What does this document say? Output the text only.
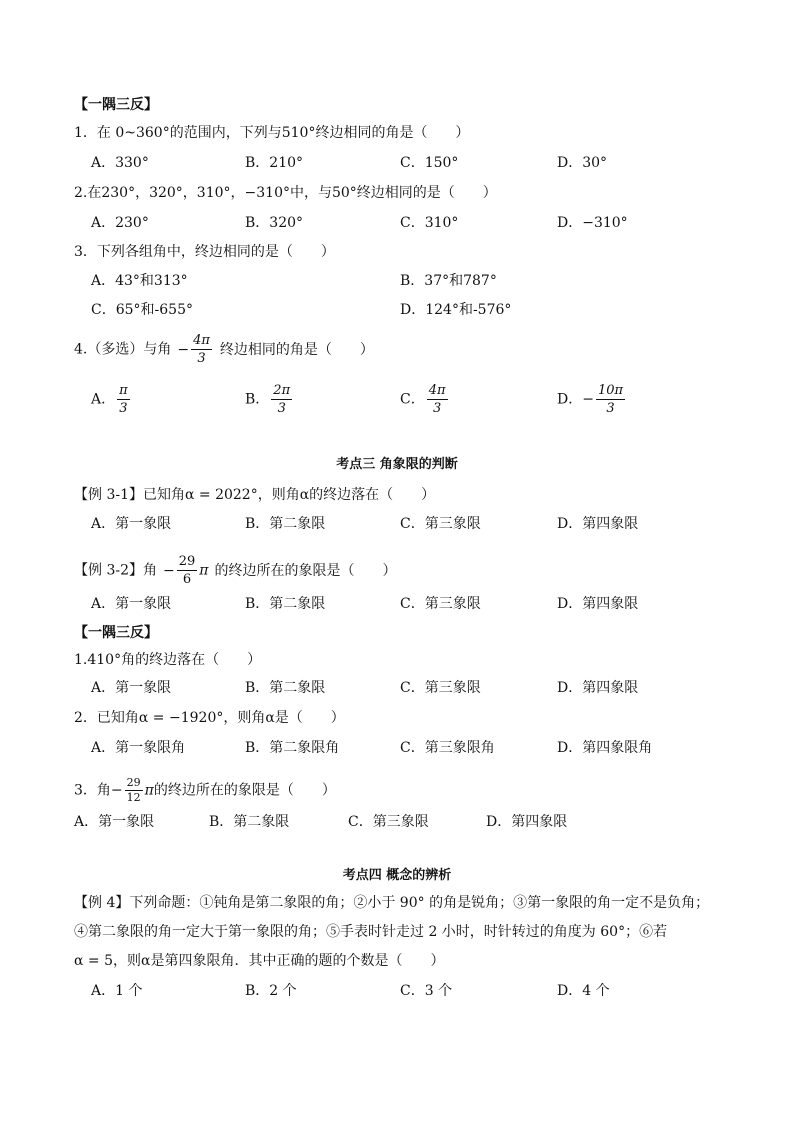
【一隅三反】
1．在 0~360°的范围内，下列与510°终边相同的角是（　　）
A．330°	B．210°	C．150°	D．30°
2.在230°，320°，310°，−310°中，与50°终边相同的是（　　）
A．230°	B．320°	C．310°	D．−310°
3．下列各组角中，终边相同的是（　　）
A．43°和313°	B．37°和787°
C．65°和-655°	D．124°和-576°
4.（多选）与角 − $\frac{4\pi}{3}$ 终边相同的角是（　　）
A． $\frac{\pi}{3}$	B． $\frac{2\pi}{3}$	C． $\frac{4\pi}{3}$	D．− $\frac{10\pi}{3}$
考点三 角象限的判断
【例 3-1】已知角α = 2022°，则角α的终边落在（　　）
A．第一象限	B．第二象限	C．第三象限	D．第四象限
【例 3-2】角 − $\frac{29}{6}$ π 的终边所在的象限是（　　）
A．第一象限	B．第二象限	C．第三象限	D．第四象限
【一隅三反】
1.410°角的终边落在（　　）
A．第一象限	B．第二象限	C．第三象限	D．第四象限
2．已知角α = −1920°，则角α是（　　）
A．第一象限角	B．第二象限角	C．第三象限角	D．第四象限角
3．角− $\frac{29}{12}$ π的终边所在的象限是（　　）
A．第一象限	B．第二象限	C．第三象限	D．第四象限
考点四 概念的辨析
【例 4】下列命题：①钝角是第二象限的角；②小于 90° 的角是锐角；③第一象限的角一定不是负角；
④第二象限的角一定大于第一象限的角；⑤手表时针走过 2 小时，时针转过的角度为 60°；⑥若
α = 5，则α是第四象限角．其中正确的题的个数是（　　）
A．1 个	B．2 个	C．3 个	D．4 个
